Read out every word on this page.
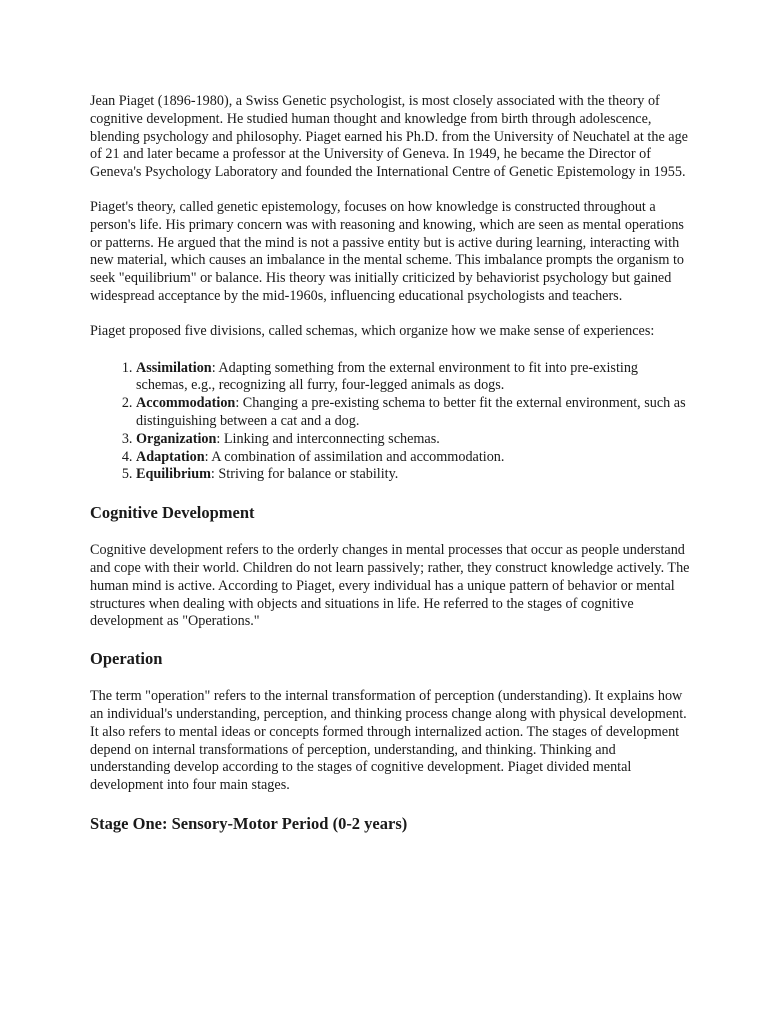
Jean Piaget (1896-1980), a Swiss Genetic psychologist, is most closely associated with the theory of cognitive development. He studied human thought and knowledge from birth through adolescence, blending psychology and philosophy. Piaget earned his Ph.D. from the University of Neuchatel at the age of 21 and later became a professor at the University of Geneva. In 1949, he became the Director of Geneva's Psychology Laboratory and founded the International Centre of Genetic Epistemology in 1955.

Piaget's theory, called genetic epistemology, focuses on how knowledge is constructed throughout a person's life. His primary concern was with reasoning and knowing, which are seen as mental operations or patterns. He argued that the mind is not a passive entity but is active during learning, interacting with new material, which causes an imbalance in the mental scheme. This imbalance prompts the organism to seek "equilibrium" or balance. His theory was initially criticized by behaviorist psychology but gained widespread acceptance by the mid-1960s, influencing educational psychologists and teachers.

Piaget proposed five divisions, called schemas, which organize how we make sense of experiences:

1. Assimilation: Adapting something from the external environment to fit into pre-existing schemas, e.g., recognizing all furry, four-legged animals as dogs.
2. Accommodation: Changing a pre-existing schema to better fit the external environment, such as distinguishing between a cat and a dog.
3. Organization: Linking and interconnecting schemas.
4. Adaptation: A combination of assimilation and accommodation.
5. Equilibrium: Striving for balance or stability.
Cognitive Development

Cognitive development refers to the orderly changes in mental processes that occur as people understand and cope with their world. Children do not learn passively; rather, they construct knowledge actively. The human mind is active. According to Piaget, every individual has a unique pattern of behavior or mental structures when dealing with objects and situations in life. He referred to the stages of cognitive development as "Operations."

Operation

The term "operation" refers to the internal transformation of perception (understanding). It explains how an individual's understanding, perception, and thinking process change along with physical development. It also refers to mental ideas or concepts formed through internalized action. The stages of development depend on internal transformations of perception, understanding, and thinking. Thinking and understanding develop according to the stages of cognitive development. Piaget divided mental development into four main stages.

Stage One: Sensory-Motor Period (0-2 years)
